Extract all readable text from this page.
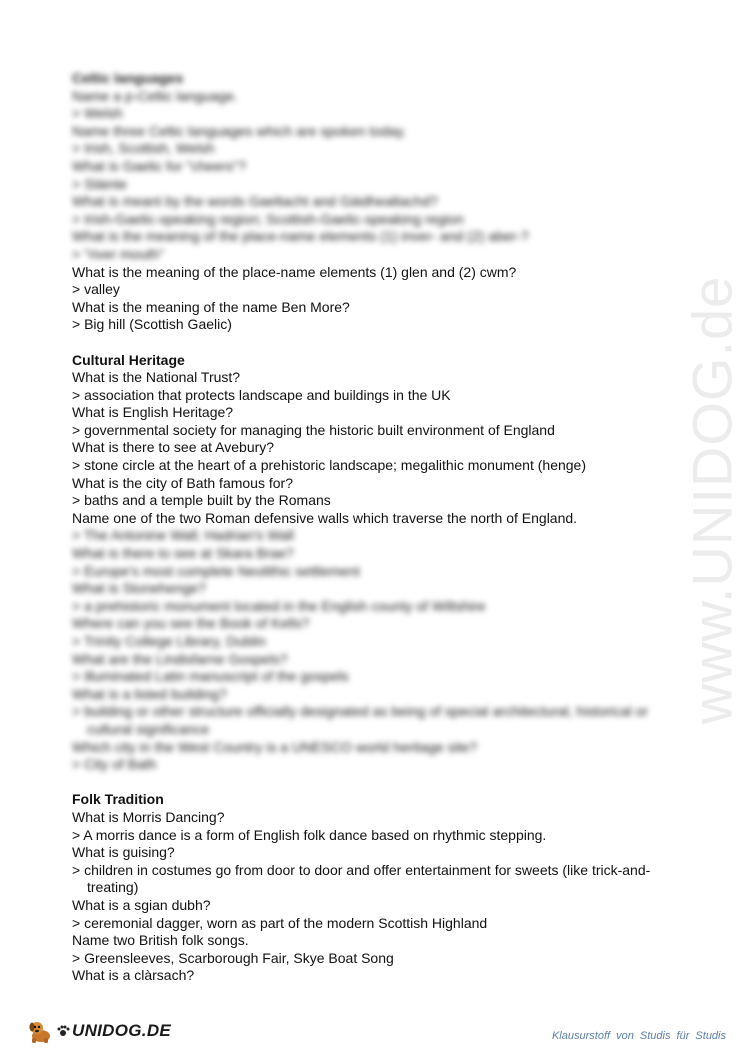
www.UNIDOG.de
Celtic languages
Name a p-Celtic language.
> Welsh
Name three Celtic languages which are spoken today.
> Irish, Scottish, Welsh
What is Gaelic for "cheers"?
> Slàinte
What is meant by the words Gaeltacht and Gàidhealtachd?
> Irish-Gaelic-speaking region; Scottish-Gaelic-speaking region
What is the meaning of the place-name elements (1) inver- and (2) aber-?
> "river mouth"
What is the meaning of the place-name elements (1) glen and (2) cwm?
> valley
What is the meaning of the name Ben More?
> Big hill (Scottish Gaelic)
Cultural Heritage
What is the National Trust?
> association that protects landscape and buildings in the UK
What is English Heritage?
> governmental society for managing the historic built environment of England
What is there to see at Avebury?
> stone circle at the heart of a prehistoric landscape; megalithic monument (henge)
What is the city of Bath famous for?
> baths and a temple built by the Romans
Name one of the two Roman defensive walls which traverse the north of England.
> The Antonine Wall; Hadrian's Wall
What is there to see at Skara Brae?
> Europe's most complete Neolithic settlement
What is Stonehenge?
> a prehistoric monument located in the English county of Wiltshire
Where can you see the Book of Kells?
> Trinity College Library, Dublin
What are the Lindisfarne Gospels?
> illuminated Latin manuscript of the gospels
What is a listed building?
> building or other structure officially designated as being of special architectural, historical or cultural significance
Which city in the West Country is a UNESCO world heritage site?
> City of Bath
Folk Tradition
What is Morris Dancing?
> A morris dance is a form of English folk dance based on rhythmic stepping.
What is guising?
> children in costumes go from door to door and offer entertainment for sweets (like trick-and-treating)
What is a sgian dubh?
> ceremonial dagger, worn as part of the modern Scottish Highland
Name two British folk songs.
> Greensleeves, Scarborough Fair, Skye Boat Song
What is a clàrsach?
UNIDOG.DE	Klausurstoff von Studis für Studis
